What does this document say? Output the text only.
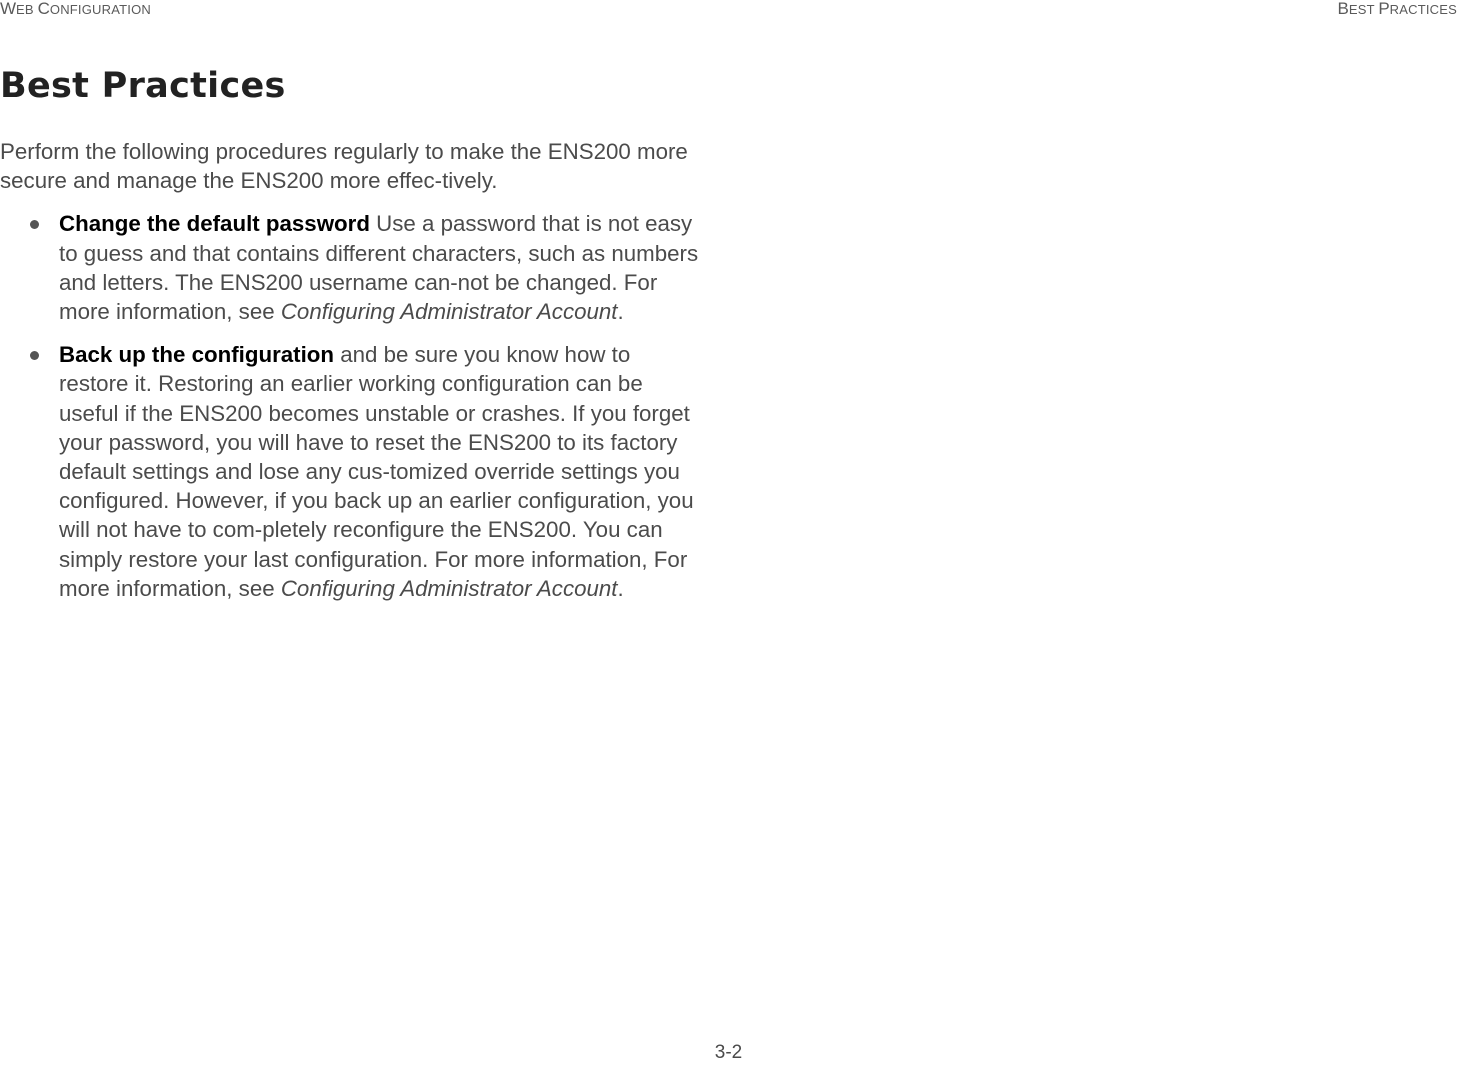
WEB CONFIGURATION	BEST PRACTICES
Best Practices

Perform the following procedures regularly to make the ENS200 more secure and manage the ENS200 more effec-tively.

Change the default password Use a password that is not easy to guess and that contains different characters, such as numbers and letters. The ENS200 username can-not be changed. For more information, see Configuring Administrator Account.
Back up the configuration and be sure you know how to restore it. Restoring an earlier working configuration can be useful if the ENS200 becomes unstable or crashes. If you forget your password, you will have to reset the ENS200 to its factory default settings and lose any cus-tomized override settings you configured. However, if you back up an earlier configuration, you will not have to com-pletely reconfigure the ENS200. You can simply restore your last configuration. For more information, For more information, see Configuring Administrator Account.
3-2
